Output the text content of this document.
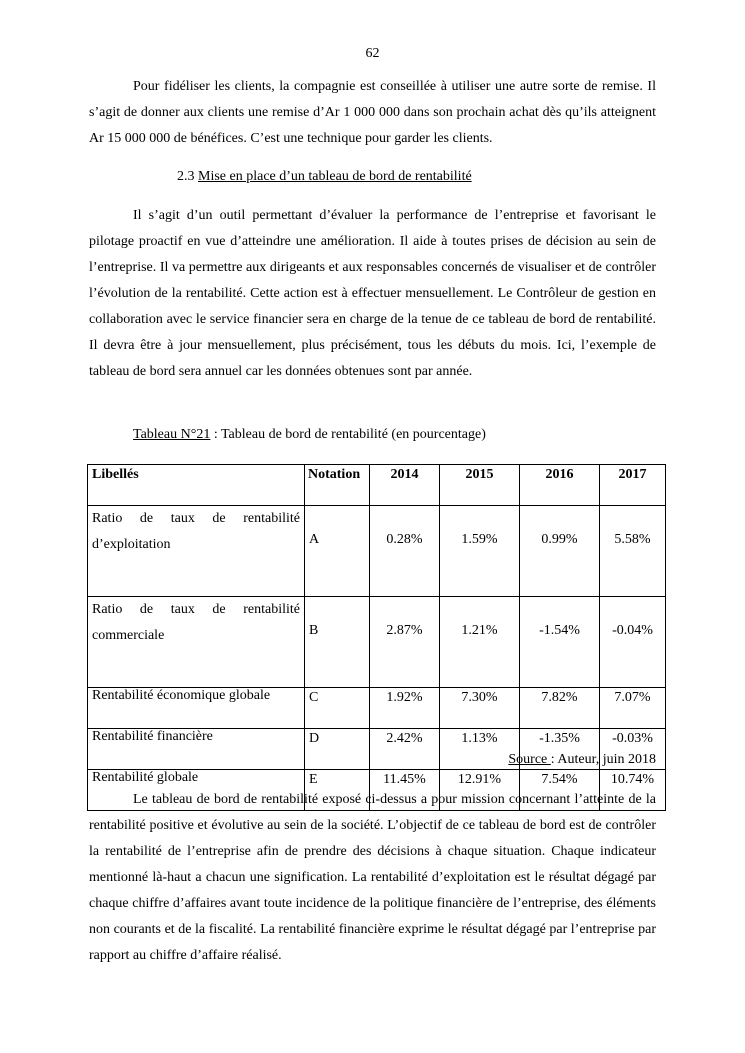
62

Pour fidéliser les clients, la compagnie est conseillée à utiliser une autre sorte de remise. Il s’agit de donner aux clients une remise d’Ar 1 000 000 dans son prochain achat dès qu’ils atteignent Ar 15 000 000 de bénéfices. C’est une technique pour garder les clients.

2.3 Mise en place d’un tableau de bord de rentabilité

Il s’agit d’un outil permettant d’évaluer la performance de l’entreprise et favorisant le pilotage proactif en vue d’atteindre une amélioration. Il aide à toutes prises de décision au sein de l’entreprise. Il va permettre aux dirigeants et aux responsables concernés de visualiser et de contrôler l’évolution de la rentabilité. Cette action est à effectuer mensuellement. Le Contrôleur de gestion en collaboration avec le service financier sera en charge de la tenue de ce tableau de bord de rentabilité. Il devra être à jour mensuellement, plus précisément, tous les débuts du mois. Ici, l’exemple de tableau de bord sera annuel car les données obtenues sont par année.

Tableau N°21 : Tableau de bord de rentabilité (en pourcentage)
Libellés	Notation	2014	2015	2016	2017
Ratio de taux de rentabilité d’exploitation	A	0.28%	1.59%	0.99%	5.58%
Ratio de taux de rentabilité commerciale	B	2.87%	1.21%	-1.54%	-0.04%
Rentabilité économique globale	C	1.92%	7.30%	7.82%	7.07%
Rentabilité financière	D	2.42%	1.13%	-1.35%	-0.03%
Rentabilité globale	E	11.45%	12.91%	7.54%	10.74%
Source : Auteur, juin 2018

Le tableau de bord de rentabilité exposé ci-dessus a pour mission concernant l’atteinte de la rentabilité positive et évolutive au sein de la société. L’objectif de ce tableau de bord est de contrôler la rentabilité de l’entreprise afin de prendre des décisions à chaque situation. Chaque indicateur mentionné là-haut a chacun une signification. La rentabilité d’exploitation est le résultat dégagé par chaque chiffre d’affaires avant toute incidence de la politique financière de l’entreprise, des éléments non courants et de la fiscalité. La rentabilité financière exprime le résultat dégagé par l’entreprise par rapport au chiffre d’affaire réalisé.
